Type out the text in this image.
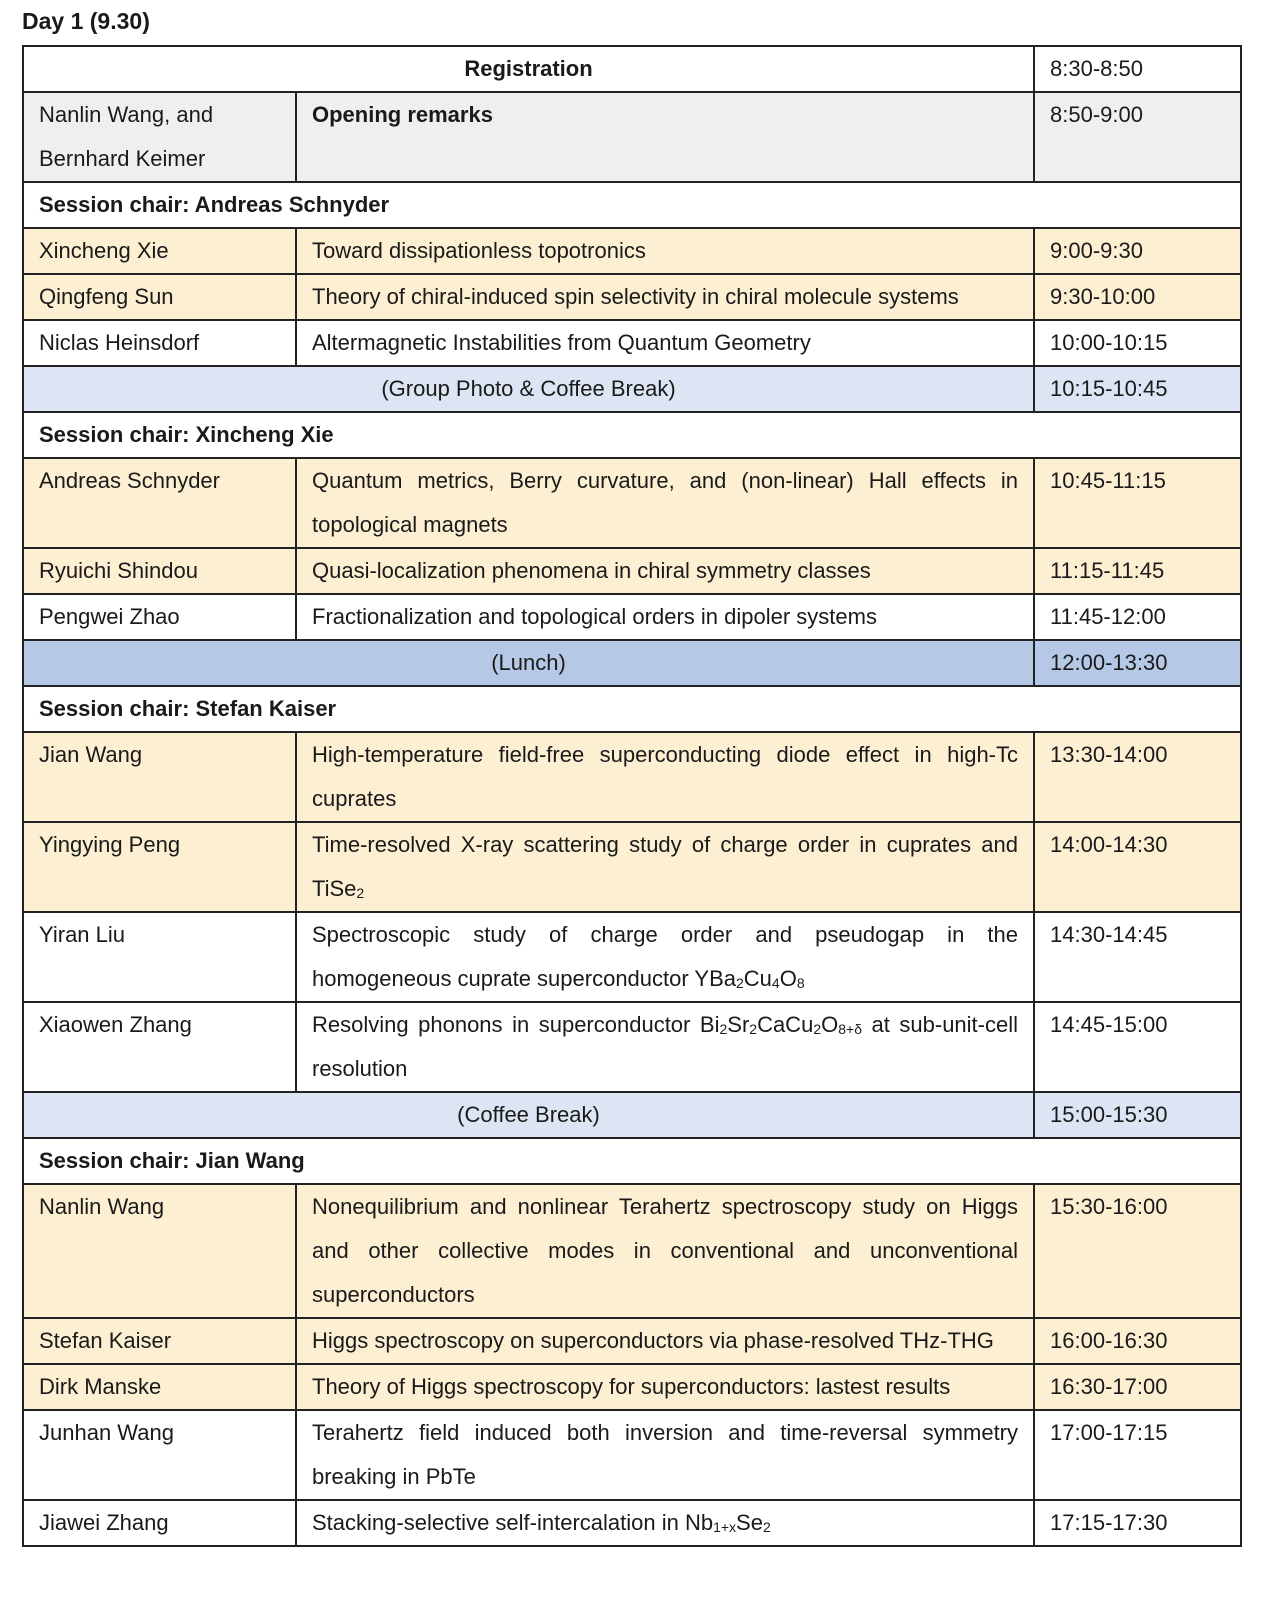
Day 1 (9.30)
Registration		8:30-8:50
Nanlin Wang, and Bernhard Keimer	Opening remarks	8:50-9:00
Session chair: Andreas Schnyder		
Xincheng Xie	Toward dissipationless topotronics	9:00-9:30
Qingfeng Sun	Theory of chiral-induced spin selectivity in chiral molecule systems	9:30-10:00
Niclas Heinsdorf	Altermagnetic Instabilities from Quantum Geometry	10:00-10:15
(Group Photo & Coffee Break)		10:15-10:45
Session chair: Xincheng Xie		
Andreas Schnyder	Quantum metrics, Berry curvature, and (non-linear) Hall effects in topological magnets	10:45-11:15
Ryuichi Shindou	Quasi-localization phenomena in chiral symmetry classes	11:15-11:45
Pengwei Zhao	Fractionalization and topological orders in dipoler systems	11:45-12:00
(Lunch)		12:00-13:30
Session chair: Stefan Kaiser		
Jian Wang	High-temperature field-free superconducting diode effect in high-Tc cuprates	13:30-14:00
Yingying Peng	Time-resolved X-ray scattering study of charge order in cuprates and TiSe2	14:00-14:30
Yiran Liu	Spectroscopic study of charge order and pseudogap in the homogeneous cuprate superconductor YBa2Cu4O8	14:30-14:45
Xiaowen Zhang	Resolving phonons in superconductor Bi2Sr2CaCu2O8+δ at sub-unit-cell resolution	14:45-15:00
(Coffee Break)		15:00-15:30
Session chair: Jian Wang		
Nanlin Wang	Nonequilibrium and nonlinear Terahertz spectroscopy study on Higgs and other collective modes in conventional and unconventional superconductors	15:30-16:00
Stefan Kaiser	Higgs spectroscopy on superconductors via phase-resolved THz-THG	16:00-16:30
Dirk Manske	Theory of Higgs spectroscopy for superconductors: lastest results	16:30-17:00
Junhan Wang	Terahertz field induced both inversion and time-reversal symmetry breaking in PbTe	17:00-17:15
Jiawei Zhang	Stacking-selective self-intercalation in Nb1+xSe2	17:15-17:30
